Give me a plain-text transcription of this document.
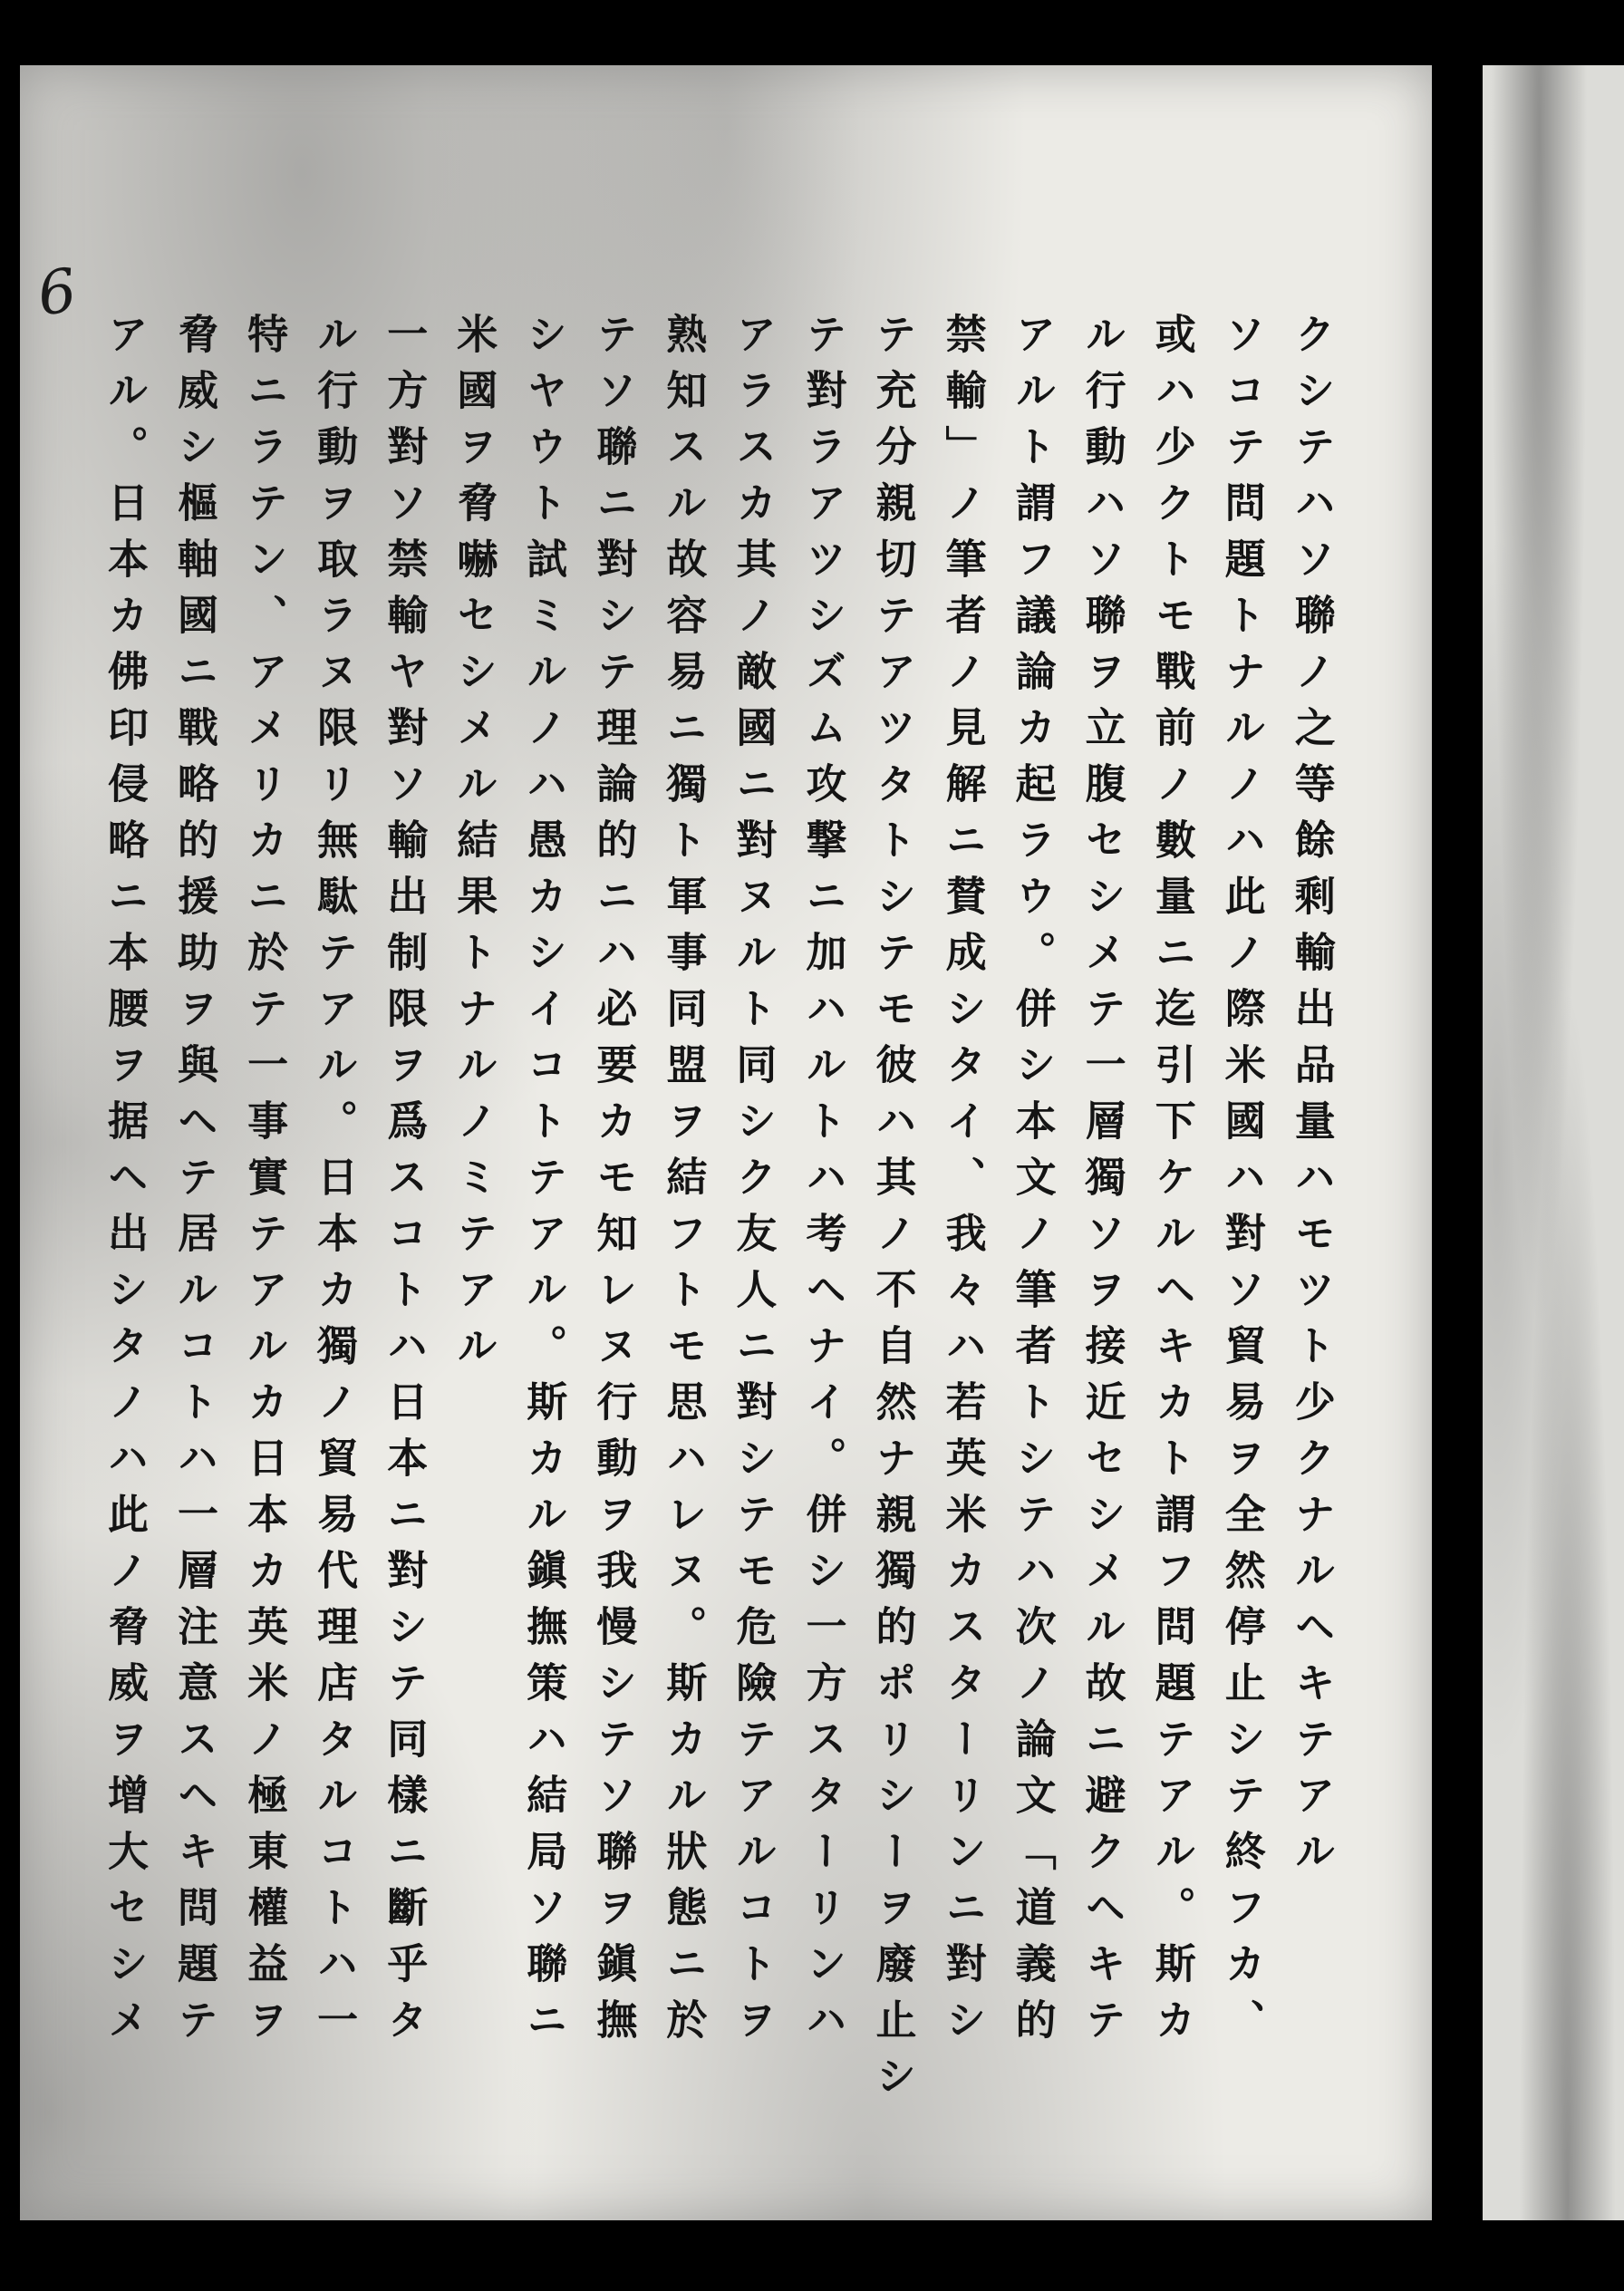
6
クシテハソ聯ノ之等餘剩輸出品量ハモツト少クナルヘキテアル
ソコテ問題トナルノハ此ノ際米國ハ對ソ貿易ヲ全然停止シテ終フカ、
或ハ少クトモ戰前ノ數量ニ迄引下ケルヘキカト謂フ問題テアル。斯カ
ル行動ハソ聯ヲ立腹セシメテ一層獨ソヲ接近セシメル故ニ避クヘキテ
アルト謂フ議論カ起ラウ。併シ本文ノ筆者トシテハ次ノ論文「道義的
禁輸」ノ筆者ノ見解ニ賛成シタイ、我々ハ若英米カスターリンニ對シ
テ充分親切テアツタトシテモ彼ハ其ノ不自然ナ親獨的ポリシーヲ廢止シ
テ對ラアツシズム攻撃ニ加ハルトハ考ヘナイ。併シ一方スターリンハ
アラスカ其ノ敵國ニ對ヌルト同シク友人ニ對シテモ危險テアルコトヲ
熟知スル故容易ニ獨ト軍事同盟ヲ結フトモ思ハレヌ。斯カル狀態ニ於
テソ聯ニ對シテ理論的ニハ必要カモ知レヌ行動ヲ我慢シテソ聯ヲ鎭撫
シヤウト試ミルノハ愚カシイコトテアル。斯カル鎭撫策ハ結局ソ聯ニ
米國ヲ脅嚇セシメル結果トナルノミテアル
一方對ソ禁輸ヤ對ソ輸出制限ヲ爲スコトハ日本ニ對シテ同樣ニ斷乎タ
ル行動ヲ取ラヌ限リ無駄テアル。日本カ獨ノ貿易代理店タルコトハ一
特ニラテン、アメリカニ於テ一事實テアルカ日本カ英米ノ極東權益ヲ
脅威シ樞軸國ニ戰略的援助ヲ與ヘテ居ルコトハ一層注意スヘキ問題テ
アル。日本カ佛印侵略ニ本腰ヲ据ヘ出シタノハ此ノ脅威ヲ增大セシメ
